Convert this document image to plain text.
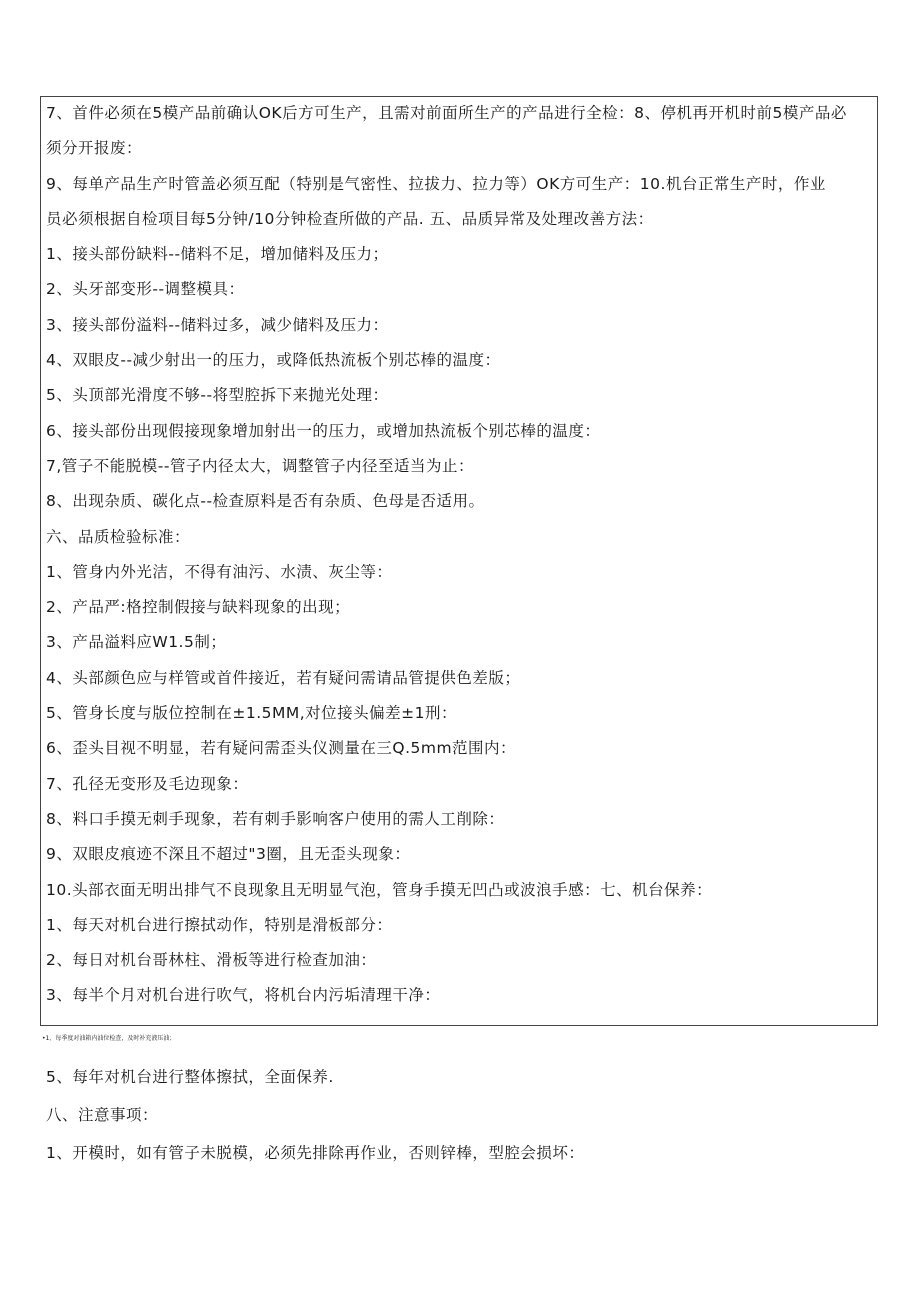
7、首件必须在5模产品前确认OK后方可生产，且需对前面所生产的产品进行全检：8、停机再开机时前5模产品必
须分开报废：
9、每单产品生产时管盖必须互配（特别是气密性、拉拔力、拉力等）OK方可生产：10.机台正常生产时，作业
员必须根据自检项目每5分钟/10分钟检查所做的产品. 五、品质异常及处理改善方法：
1、接头部份缺料--储料不足，增加储料及压力；
2、头牙部变形--调整模具：
3、接头部份溢料--储料过多，减少储料及压力：
4、双眼皮--减少射出一的压力，或降低热流板个别芯棒的温度：
5、头顶部光滑度不够--将型腔拆下来抛光处理：
6、接头部份出现假接现象增加射出一的压力，或增加热流板个别芯棒的温度：
7,管子不能脱模--管子内径太大，调整管子内径至适当为止：
8、出现杂质、碳化点--检查原料是否有杂质、色母是否适用。
六、品质检验标准：
1、管身内外光洁，不得有油污、水渍、灰尘等：
2、产品严:格控制假接与缺料现象的出现；
3、产品溢料应W1.5制；
4、头部颜色应与样管或首件接近，若有疑问需请品管提供色差版；
5、管身长度与版位控制在±1.5MM,对位接头偏差±1刑：
6、歪头目视不明显，若有疑问需歪头仪测量在三Q.5mm范围内：
7、孔径无变形及毛边现象：
8、料口手摸无刺手现象，若有刺手影响客户使用的需人工削除：
9、双眼皮痕迹不深且不超过"3圈，且无歪头现象：
10.头部衣面无明出排气不良现象且无明显气泡，管身手摸无凹凸或波浪手感：七、机台保养：
1、每天对机台进行擦拭动作，特别是滑板部分：
2、每日对机台哥林柱、滑板等进行检查加油：
3、每半个月对机台进行吹气，将机台内污垢清理干净：
•1、每季度对油箱内油位检查，及时补充液压油；
5、每年对机台进行整体擦拭，全面保养.
八、注意事项：
1、开模时，如有管子未脱模，必须先排除再作业，否则锌棒，型腔会损坏：
